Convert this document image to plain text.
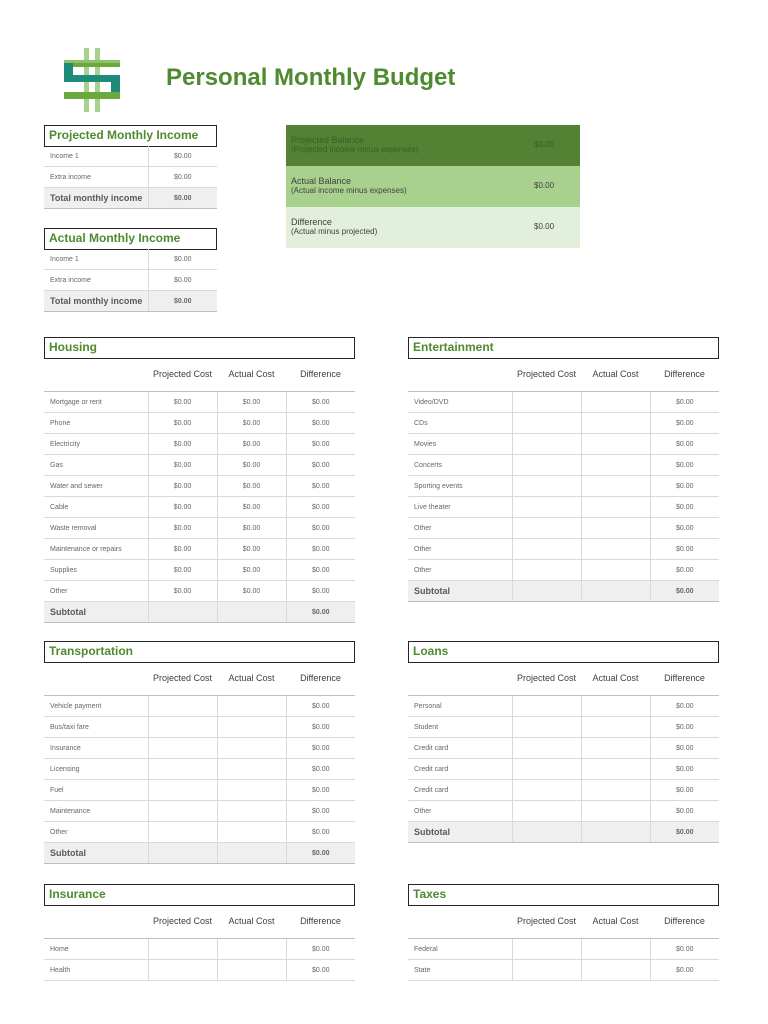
Personal Monthly Budget
Projected Monthly Income
Income 1	$0.00
Extra income	$0.00
Total monthly income	$0.00
Actual Monthly Income
Income 1	$0.00
Extra income	$0.00
Total monthly income	$0.00
Projected Balance
(Projected income minus expenses)
$0.00
Actual Balance
(Actual income minus expenses)
$0.00
Difference
(Actual minus projected)
$0.00
Housing
	Projected Cost	Actual Cost	Difference
Mortgage or rent	$0.00	$0.00	$0.00
Phone	$0.00	$0.00	$0.00
Electricity	$0.00	$0.00	$0.00
Gas	$0.00	$0.00	$0.00
Water and sewer	$0.00	$0.00	$0.00
Cable	$0.00	$0.00	$0.00
Waste removal	$0.00	$0.00	$0.00
Maintenance or repairs	$0.00	$0.00	$0.00
Supplies	$0.00	$0.00	$0.00
Other	$0.00	$0.00	$0.00
Subtotal			$0.00
Entertainment
	Projected Cost	Actual Cost	Difference
Video/DVD			$0.00
CDs			$0.00
Movies			$0.00
Concerts			$0.00
Sporting events			$0.00
Live theater			$0.00
Other			$0.00
Other			$0.00
Other			$0.00
Subtotal			$0.00
Transportation
	Projected Cost	Actual Cost	Difference
Vehicle payment			$0.00
Bus/taxi fare			$0.00
Insurance			$0.00
Licensing			$0.00
Fuel			$0.00
Maintenance			$0.00
Other			$0.00
Subtotal			$0.00
Loans
	Projected Cost	Actual Cost	Difference
Personal			$0.00
Student			$0.00
Credit card			$0.00
Credit card			$0.00
Credit card			$0.00
Other			$0.00
Subtotal			$0.00
Insurance
	Projected Cost	Actual Cost	Difference
Home			$0.00
Health			$0.00
Taxes
	Projected Cost	Actual Cost	Difference
Federal			$0.00
State			$0.00
